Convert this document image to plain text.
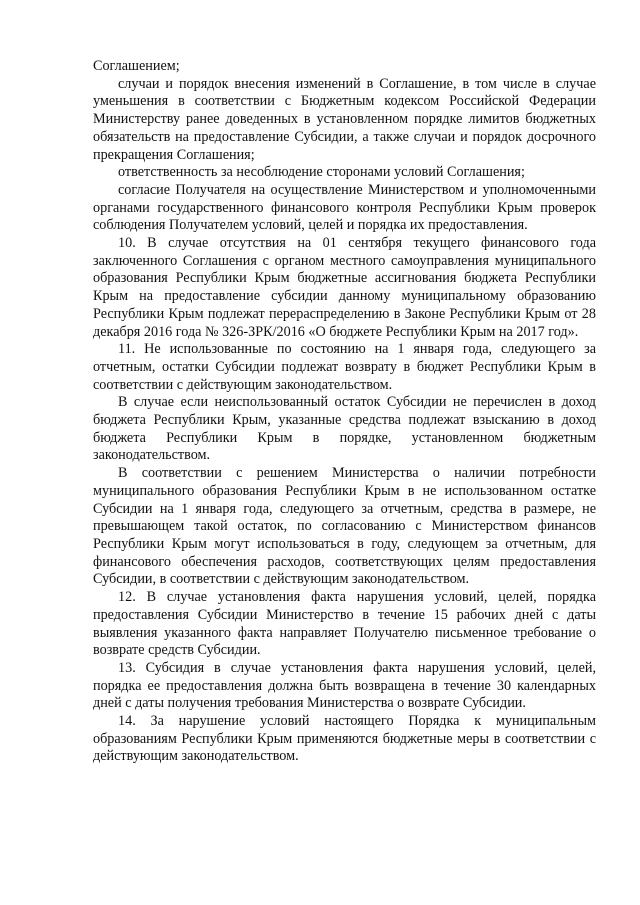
Соглашением;

случаи и порядок внесения изменений в Соглашение, в том числе в случае уменьшения в соответствии с Бюджетным кодексом Российской Федерации Министерству ранее доведенных в установленном порядке лимитов бюджетных обязательств на предоставление Субсидии, а также случаи и порядок досрочного прекращения Соглашения;

ответственность за несоблюдение сторонами условий Соглашения;

согласие Получателя на осуществление Министерством и уполномоченными органами государственного финансового контроля Республики Крым проверок соблюдения Получателем условий, целей и порядка их предоставления.

10. В случае отсутствия на 01 сентября текущего финансового года заключенного Соглашения с органом местного самоуправления муниципального образования Республики Крым бюджетные ассигнования бюджета Республики Крым на предоставление субсидии данному муниципальному образованию Республики Крым подлежат перераспределению в Законе Республики Крым от 28 декабря 2016 года № 326-ЗРК/2016 «О бюджете Республики Крым на 2017 год».

11. Не использованные по состоянию на 1 января года, следующего за отчетным, остатки Субсидии подлежат возврату в бюджет Республики Крым в соответствии с действующим законодательством.

В случае если неиспользованный остаток Субсидии не перечислен в доход бюджета Республики Крым, указанные средства подлежат взысканию в доход бюджета Республики Крым в порядке, установленном бюджетным законодательством.

В соответствии с решением Министерства о наличии потребности муниципального образования Республики Крым в не использованном остатке Субсидии на 1 января года, следующего за отчетным, средства в размере, не превышающем такой остаток, по согласованию с Министерством финансов Республики Крым могут использоваться в году, следующем за отчетным, для финансового обеспечения расходов, соответствующих целям предоставления Субсидии, в соответствии с действующим законодательством.

12. В случае установления факта нарушения условий, целей, порядка предоставления Субсидии Министерство в течение 15 рабочих дней с даты выявления указанного факта направляет Получателю письменное требование о возврате средств Субсидии.

13. Субсидия в случае установления факта нарушения условий, целей, порядка ее предоставления должна быть возвращена в течение 30 календарных дней с даты получения требования Министерства о возврате Субсидии.

14. За нарушение условий настоящего Порядка к муниципальным образованиям Республики Крым применяются бюджетные меры в соответствии с действующим законодательством.
